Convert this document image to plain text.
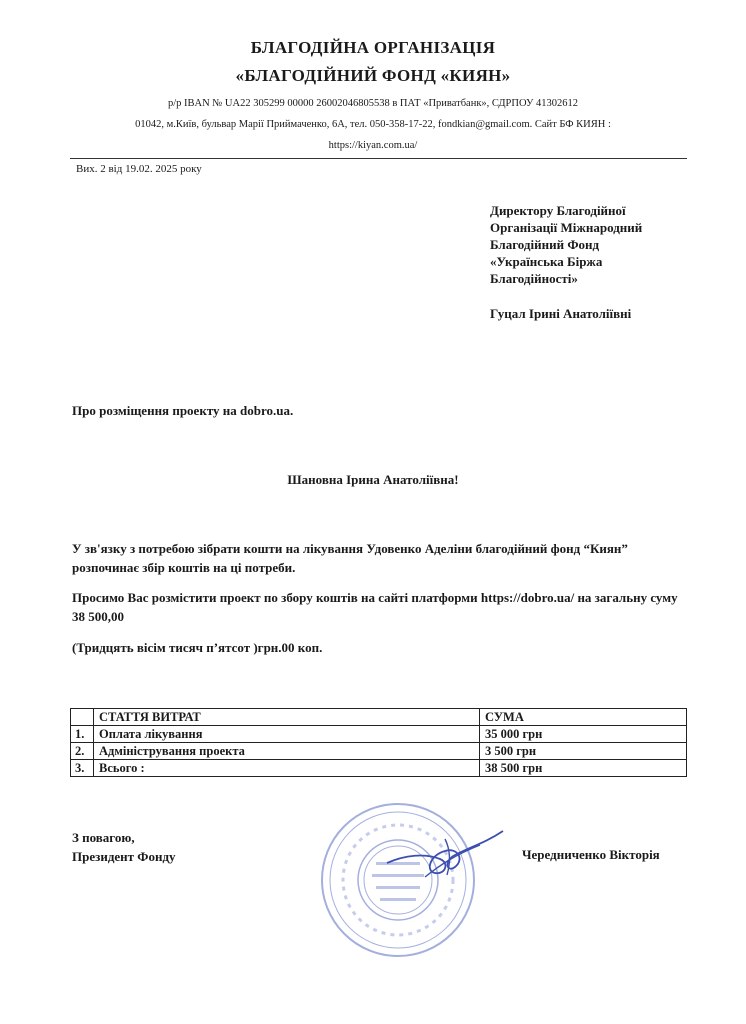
БЛАГОДІЙНА ОРГАНІЗАЦІЯ
«БЛАГОДІЙНИЙ ФОНД «КИЯН»
р/р IBAN № UA22 305299 00000 26002046805538 в ПАТ «Приватбанк», СДРПОУ 41302612
01042, м.Київ, бульвар Марії Приймаченко, 6А, тел. 050-358-17-22, fondkian@gmail.com. Сайт БФ КИЯН :
https://kiyan.com.ua/
Вих. 2 від 19.02. 2025 року
Директору Благодійної
Організації Міжнародний
Благодійний Фонд
«Українська Біржа
Благодійності»
Гуцал Ірині Анатоліївні
Про розміщення проекту на dobro.ua.
Шановна Ірина Анатоліївна!
У зв'язку з потребою зібрати кошти на лікування Удовенко Аделіни благодійний фонд “Киян” розпочинає збір коштів на ці потреби.
Просимо Вас розмістити проект по збору коштів на сайті платформи https://dobro.ua/ на загальну суму 38 500,00
(Тридцять вісім тисяч п’ятсот )грн.00 коп.
	СТАТТЯ ВИТРАТ	СУМА
1.	Оплата лікування	35 000 грн
2.	Адміністрування проекта	3 500 грн
3.	Всього :	38 500 грн
З повагою,
Президент Фонду	Чередниченко Вікторія
